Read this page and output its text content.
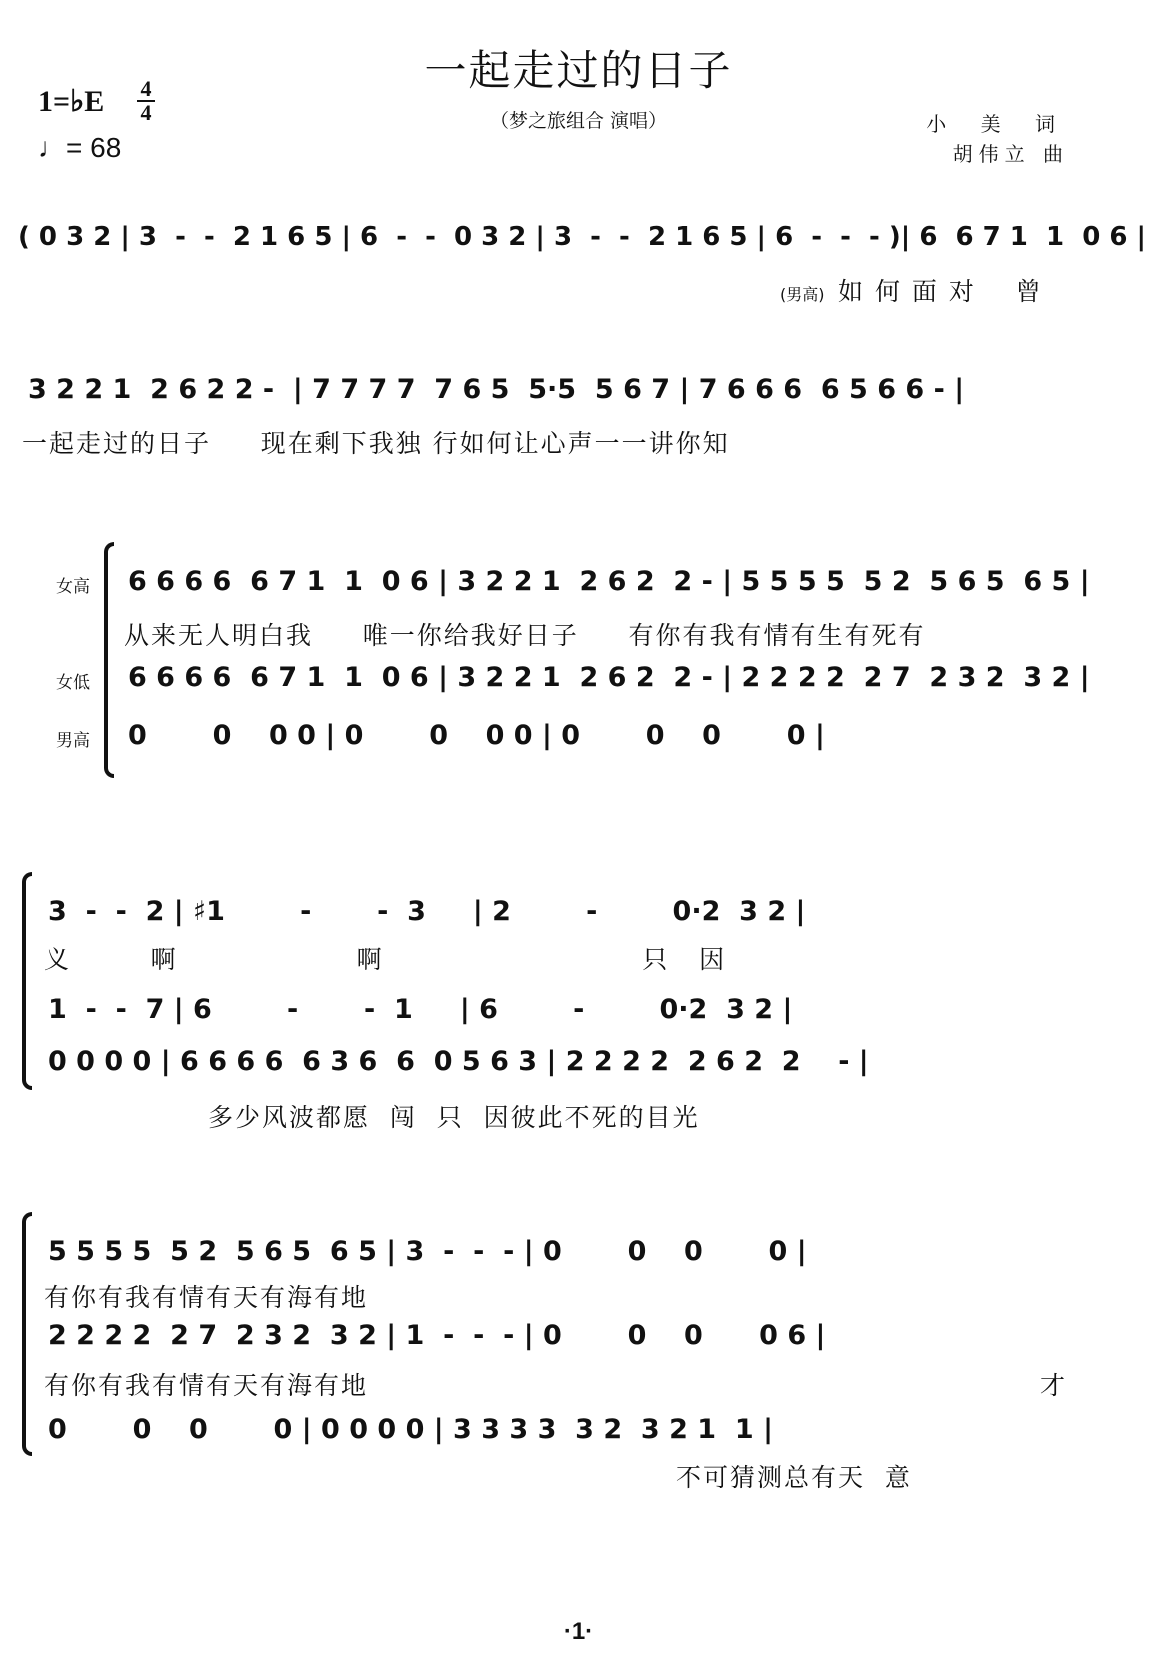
一起走过的日子
（梦之旅组合 演唱）
1=♭E 4
4
♩= 68
小 美 词
胡伟立 曲
( 0 3 2 | 3  -  -  2 1 6 5 | 6  -  -  0 3 2 | 3  -  -  2 1 6 5 | 6  -  -  - )| 6  6 7 1  1  0 6 |
(男高) 如 何 面 对    曾
3 2 2 1  2 6 2 2 -  | 7 7 7 7  7 6 5  5·5  5 6 7 | 7 6 6 6  6 5 6 6 - |
一起走过的日子     现在剩下我独 行如何让心声一一讲你知
女高
女低
男高
6 6 6 6  6 7 1  1  0 6 | 3 2 2 1  2 6 2  2 - | 5 5 5 5  5 2  5 6 5  6 5 |
从来无人明白我     唯一你给我好日子     有你有我有情有生有死有
6 6 6 6  6 7 1  1  0 6 | 3 2 2 1  2 6 2  2 - | 2 2 2 2  2 7  2 3 2  3 2 |
0       0    0 0 | 0       0    0 0 | 0       0    0       0 |
3  -  -  2 | ♯1        -       -  3     | 2        -        0·2  3 2 |
义        啊                  啊                          只   因
1  -  -  7 | 6        -       -  1     | 6        -        0·2  3 2 |
0 0 0 0 | 6 6 6 6  6 3 6  6  0 5 6 3 | 2 2 2 2  2 6 2  2    - |
多少风波都愿  闯  只  因彼此不死的目光
5 5 5 5  5 2  5 6 5  6 5 | 3  -  -  - | 0       0    0       0 |
有你有我有情有天有海有地
2 2 2 2  2 7  2 3 2  3 2 | 1  -  -  - | 0       0    0      0 6 |
有你有我有情有天有海有地	才
0       0    0       0 | 0 0 0 0 | 3 3 3 3  3 2  3 2 1  1 |
不可猜测总有天  意
·1·
